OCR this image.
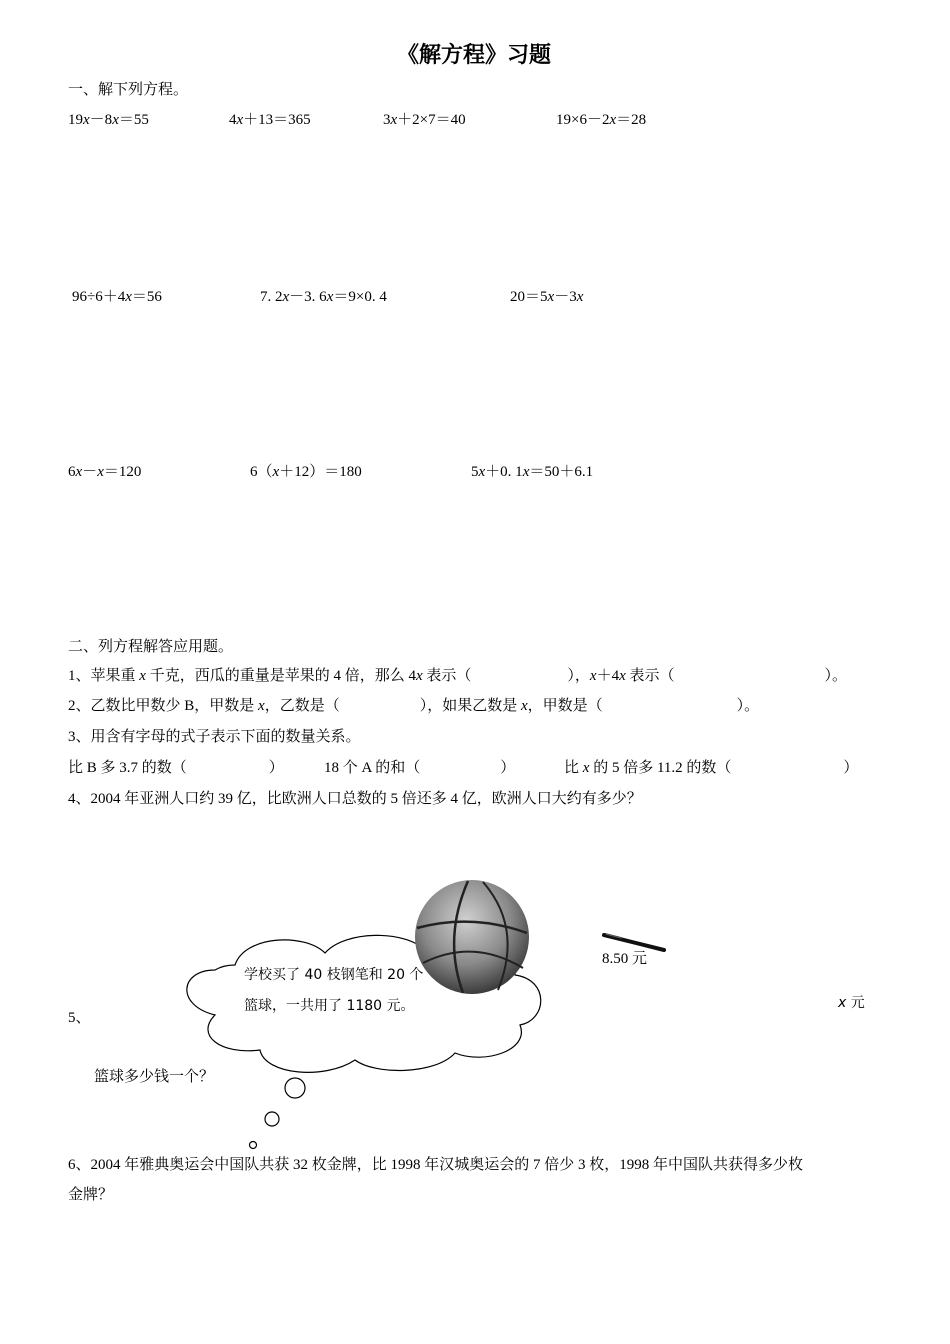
《解方程》习题
一、解下列方程。
19x－8x＝55	4x＋13＝365	3x＋2×7＝40	19×6－2x＝28
96÷6＋4x＝56	7. 2x－3. 6x＝9×0. 4	20＝5x－3x
6x－x＝120	6（x＋12）＝180	5x＋0. 1x＝50＋6.1
二、列方程解答应用题。
1、苹果重 x 千克，西瓜的重量是苹果的 4 倍，那么 4x 表示（	），x＋4x 表示（	）。
2、乙数比甲数少 B，甲数是 x，乙数是（	），如果乙数是 x，甲数是（	）。
3、用含有字母的式子表示下面的数量关系。
比 B 多 3.7 的数（	）	18 个 A 的和（	）	比 x 的 5 倍多 11.2 的数（	）
4、2004 年亚洲人口约 39 亿，比欧洲人口总数的 5 倍还多 4 亿，欧洲人口大约有多少？
学校买了 40 枝钢笔和 20 个
篮球，一共用了 1180 元。
8.50 元
x 元
5、
篮球多少钱一个？
6、2004 年雅典奥运会中国队共获 32 枚金牌，比 1998 年汉城奥运会的 7 倍少 3 枚，1998 年中国队共获得多少枚
金牌？
